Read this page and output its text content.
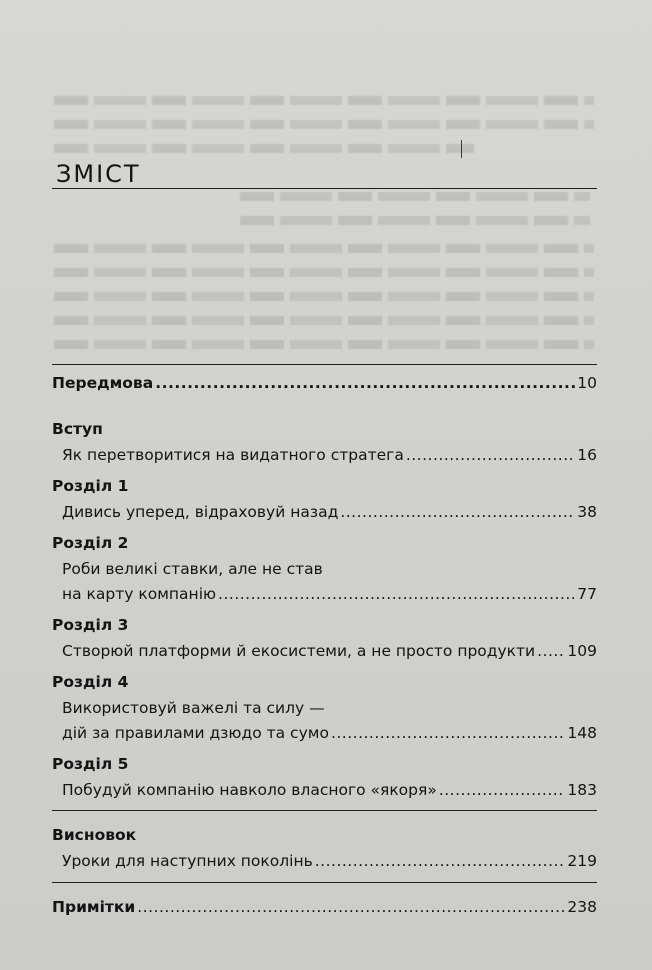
ЗМІСТ
Передмова .....	10
Вступ
Як перетворитися на видатного стратега .....	16
Розділ 1
Дивись уперед, відраховуй назад .....	38
Розділ 2
Роби великі ставки, але не став
на карту компанію .....	77
Розділ 3
Створюй платформи й екосистеми, а не просто продукти ..... 109
Розділ 4
Використовуй важелі та силу —
дій за правилами дзюдо та сумо .....	148
Розділ 5
Побудуй компанію навколо власного «якоря» .....	183
Висновок
Уроки для наступних поколінь .....	219
Примітки .....	238
